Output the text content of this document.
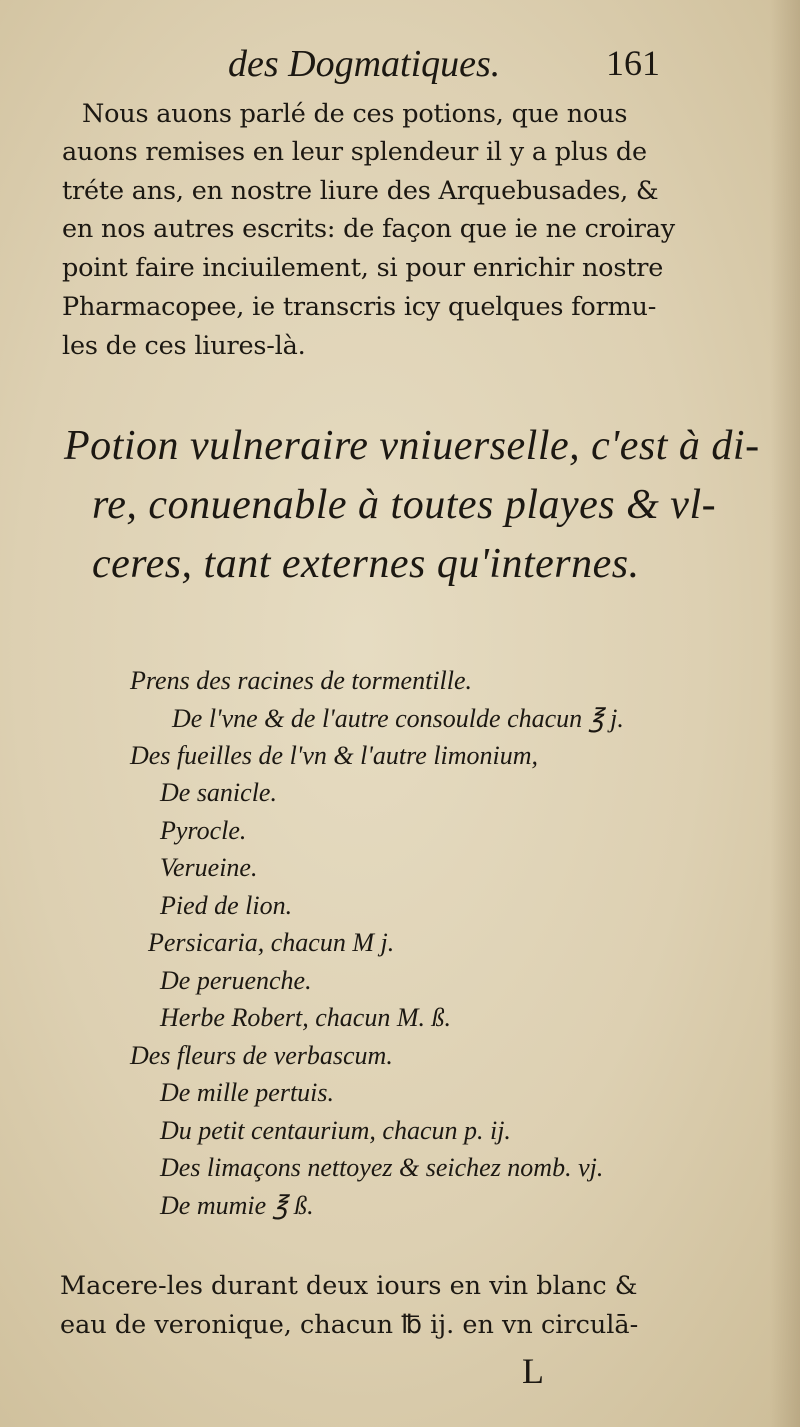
des Dogmatiques.	161
Nous auons parlé de ces potions, que nous
auons remises en leur splendeur il y a plus de
tréte ans, en nostre liure des Arquebusades, &
en nos autres escrits: de façon que ie ne croiray
point faire inciuilement, si pour enrichir nostre
Pharmacopee, ie transcris icy quelques formu-
les de ces liures-là.
Potion vulneraire vniuerselle, c'est à di-
re, conuenable à toutes playes & vl-
ceres, tant externes qu'internes.
Prens des racines de tormentille.
De l'vne & de l'autre consoulde chacun ℥ j.
Des fueilles de l'vn & l'autre limonium,
De sanicle.
Pyrocle.
Verueine.
Pied de lion.
Persicaria, chacun M j.
De peruenche.
Herbe Robert, chacun M. ß.
Des fleurs de verbascum.
De mille pertuis.
Du petit centaurium, chacun p. ij.
Des limaçons nettoyez & seichez nomb. vj.
De mumie ℥ ß.
Macere-les durant deux iours en vin blanc &
eau de veronique, chacun ℔ ij. en vn circulā-
L
